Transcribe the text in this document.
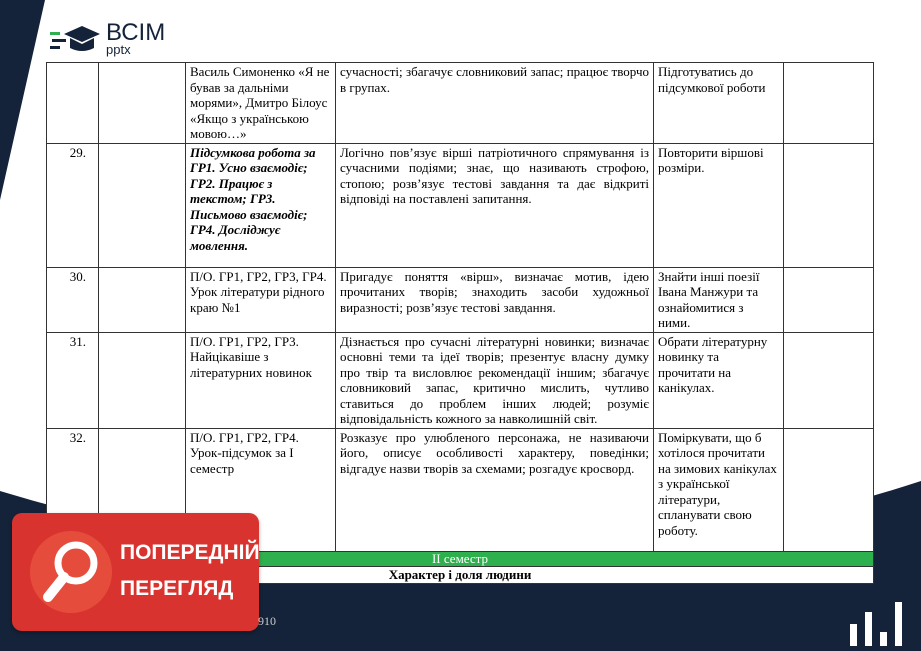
ВСІМ
pptx
		Василь Симоненко «Я не бував за дальніми морями», Дмитро Білоус «Якщо з українською мовою…»	сучасності; збагачує словниковий запас; працює творчо в групах.	Підготуватись до підсумкової роботи	
29.		Підсумкова робота за ГР1. Усно взаємодіє; ГР2. Працює з текстом; ГР3. Письмово взаємодіє; ГР4. Досліджує мовлення.	Логічно пов’язує вірші патріотичного спрямування із сучасними подіями; знає, що називають строфою, стопою; розв’язує тестові завдання та дає відкриті відповіді на поставлені запитання.	Повторити віршові розміри.	
30.		П/О. ГР1, ГР2, ГР3, ГР4. Урок літератури рідного краю №1	Пригадує поняття «вірш», визначає мотив, ідею прочитаних творів; знаходить засоби художньої виразності; розв’язує тестові завдання.	Знайти інші поезії Івана Манжури та ознайомитися з ними.	
31.		П/О. ГР1, ГР2, ГР3. Найцікавіше з літературних новинок	Дізнається про сучасні літературні новинки; визначає основні теми та ідеї творів; презентує власну думку про твір та висловлює рекомендації іншим; збагачує словниковий запас, критично мислить, чутливо ставиться до проблем інших людей; розуміє відповідальність кожного за навколишній світ.	Обрати літературну новинку та прочитати на канікулах.	
32.		П/О. ГР1, ГР2, ГР4. Урок-підсумок за І семестр	Розказує про улюбленого персонажа, не називаючи його, описує особливості характеру, поведінки; відгадує назви творів за схемами; розгадує кросворд.	Поміркувати, що б хотілося прочитати на зимових канікулах з української літератури, спланувати свою роботу.	
ІІ семестр					
Характер і доля людини					
ПОПЕРЕДНІЙ
ПЕРЕГЛЯД
910
